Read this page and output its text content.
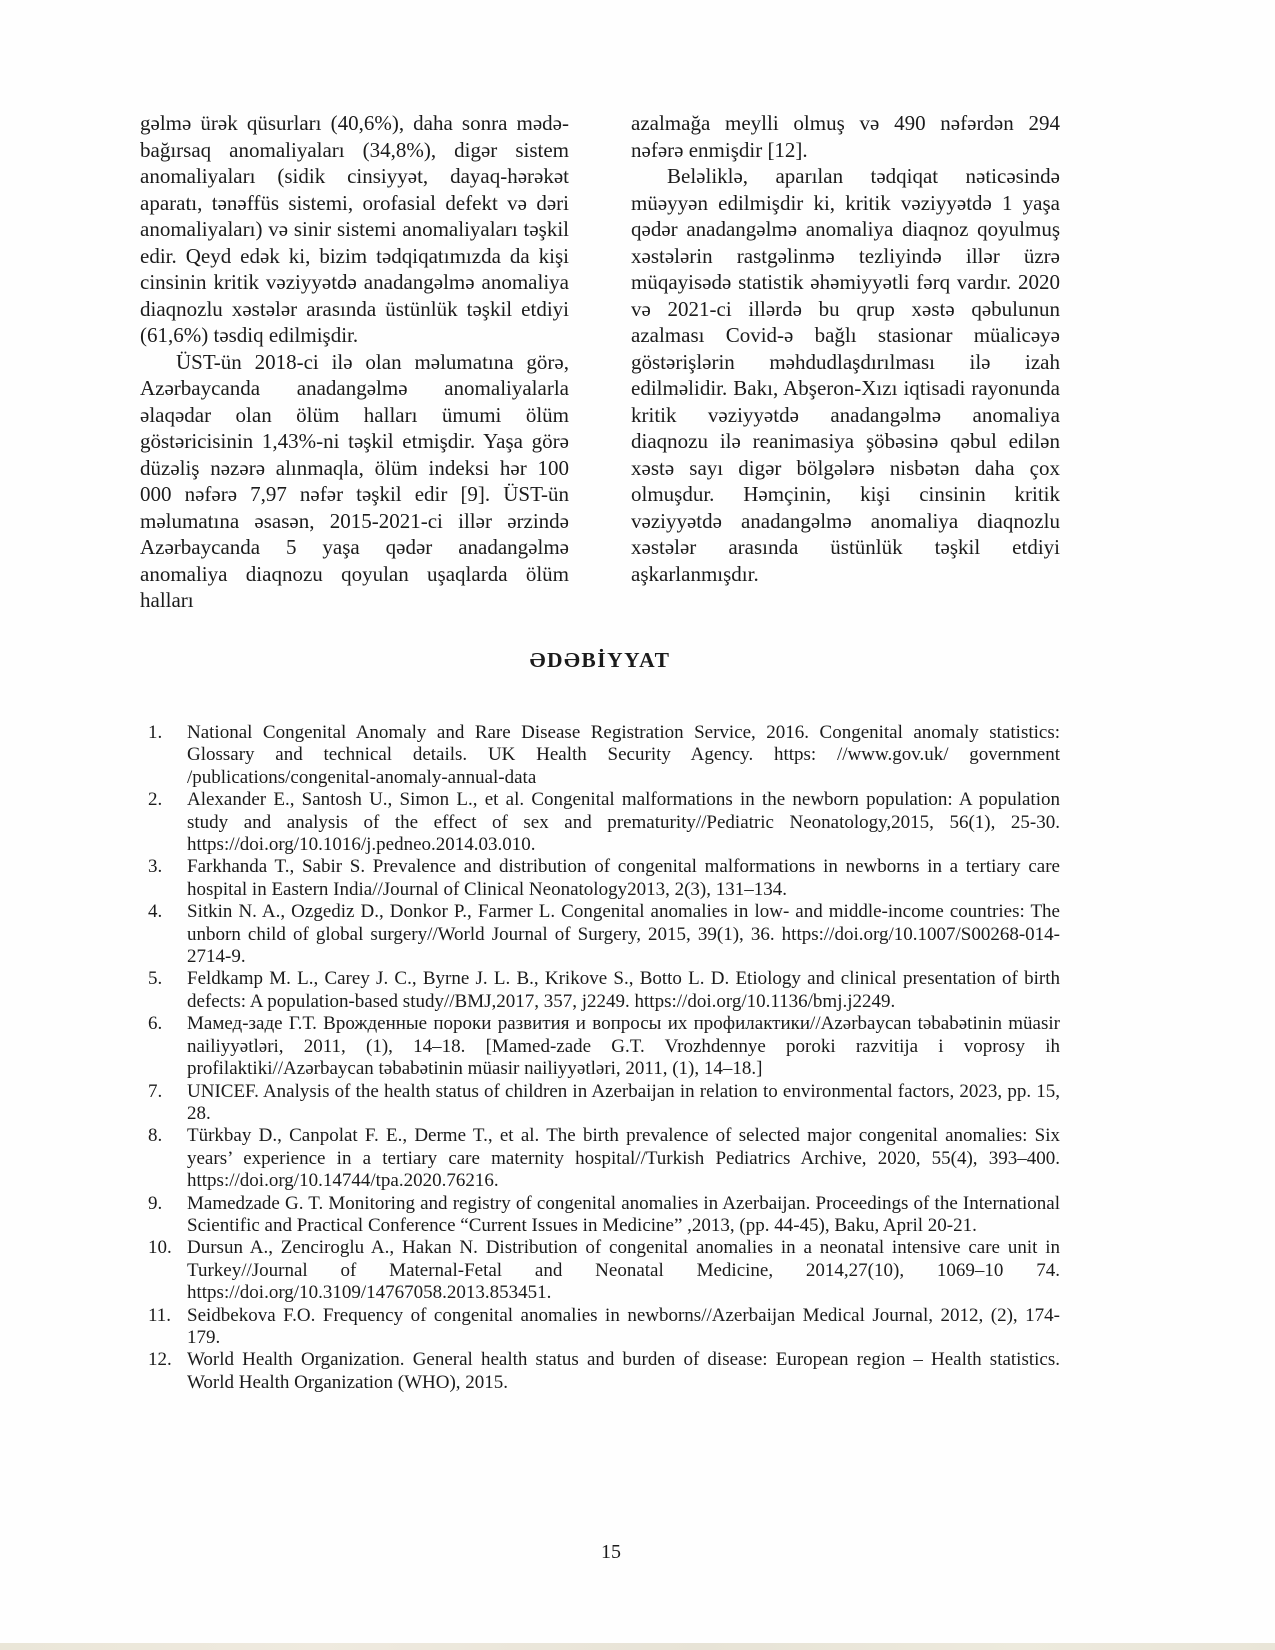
gəlmə ürək qüsurları (40,6%), daha sonra mədə-bağırsaq anomaliyaları (34,8%), digər sistem anomaliyaları (sidik cinsiyyət, dayaq-hərəkət aparatı, tənəffüs sistemi, orofasial defekt və dəri anomaliyaları) və sinir sistemi anomaliyaları təşkil edir. Qeyd edək ki, bizim tədqiqatımızda da kişi cinsinin kritik vəziyyətdə anadangəlmə anomaliya diaqnozlu xəstələr arasında üstünlük təşkil etdiyi (61,6%) təsdiq edilmişdir.

ÜST-ün 2018-ci ilə olan məlumatına görə, Azərbaycanda anadangəlmə anomaliyalarla əlaqədar olan ölüm halları ümumi ölüm göstəricisinin 1,43%-ni təşkil etmişdir. Yaşa görə düzəliş nəzərə alınmaqla, ölüm indeksi hər 100 000 nəfərə 7,97 nəfər təşkil edir [9]. ÜST-ün məlumatına əsasən, 2015-2021-ci illər ərzində Azərbaycanda 5 yaşa qədər anadangəlmə anomaliya diaqnozu qoyulan uşaqlarda ölüm halları

azalmağa meylli olmuş və 490 nəfərdən 294 nəfərə enmişdir [12].

Beləliklə, aparılan tədqiqat nəticəsində müəyyən edilmişdir ki, kritik vəziyyətdə 1 yaşa qədər anadangəlmə anomaliya diaqnoz qoyulmuş xəstələrin rastgəlinmə tezliyində illər üzrə müqayisədə statistik əhəmiyyətli fərq vardır. 2020 və 2021-ci illərdə bu qrup xəstə qəbulunun azalması Covid-ə bağlı stasionar müalicəyə göstərişlərin məhdudlaşdırılması ilə izah edilməlidir. Bakı, Abşeron-Xızı iqtisadi rayonunda kritik vəziyyətdə anadangəlmə anomaliya diaqnozu ilə reanimasiya şöbəsinə qəbul edilən xəstə sayı digər bölgələrə nisbətən daha çox olmuşdur. Həmçinin, kişi cinsinin kritik vəziyyətdə anadangəlmə anomaliya diaqnozlu xəstələr arasında üstünlük təşkil etdiyi aşkarlanmışdır.

ƏDƏBİYYAT
1.	National Congenital Anomaly and Rare Disease Registration Service, 2016. Congenital anomaly statistics: Glossary and technical details. UK Health Security Agency. https: //www.gov.uk/ government /publications/congenital-anomaly-annual-data
2.	Alexander E., Santosh U., Simon L., et al. Congenital malformations in the newborn population: A population study and analysis of the effect of sex and prematurity//Pediatric Neonatology,2015, 56(1), 25-30. https://doi.org/10.1016/j.pedneo.2014.03.010.
3.	Farkhanda T., Sabir S. Prevalence and distribution of congenital malformations in newborns in a tertiary care hospital in Eastern India//Journal of Clinical Neonatology2013, 2(3), 131–134.
4.	Sitkin N. A., Ozgediz D., Donkor P., Farmer L. Congenital anomalies in low- and middle-income countries: The unborn child of global surgery//World Journal of Surgery, 2015, 39(1), 36. https://doi.org/10.1007/S00268-014-2714-9.
5.	Feldkamp M. L., Carey J. C., Byrne J. L. B., Krikove S., Botto L. D. Etiology and clinical presentation of birth defects: A population-based study//BMJ,2017, 357, j2249. https://doi.org/10.1136/bmj.j2249.
6.	Мамед-заде Г.Т. Врожденные пороки развития и вопросы их профилактики//Azərbaycan təbabətinin müasir nailiyyətləri, 2011, (1), 14–18. [Mamed-zade G.T. Vrozhdennye poroki razvitija i voprosy ih profilaktiki//Azərbaycan təbabətinin müasir nailiyyətləri, 2011, (1), 14–18.]
7.	UNICEF. Analysis of the health status of children in Azerbaijan in relation to environmental factors, 2023, pp. 15, 28.
8.	Türkbay D., Canpolat F. E., Derme T., et al. The birth prevalence of selected major congenital anomalies: Six years’ experience in a tertiary care maternity hospital//Turkish Pediatrics Archive, 2020, 55(4), 393–400. https://doi.org/10.14744/tpa.2020.76216.
9.	Mamedzade G. T. Monitoring and registry of congenital anomalies in Azerbaijan. Proceedings of the International Scientific and Practical Conference “Current Issues in Medicine” ,2013, (pp. 44-45), Baku, April 20-21.
10. Dursun A., Zenciroglu A., Hakan N. Distribution of congenital anomalies in a neonatal intensive care unit in Turkey//Journal of Maternal-Fetal and Neonatal Medicine, 2014,27(10), 1069–10 74. https://doi.org/10.3109/14767058.2013.853451.
11. Seidbekova F.O. Frequency of congenital anomalies in newborns//Azerbaijan Medical Journal, 2012, (2), 174-179.
12. World Health Organization. General health status and burden of disease: European region – Health statistics. World Health Organization (WHO), 2015.
15
